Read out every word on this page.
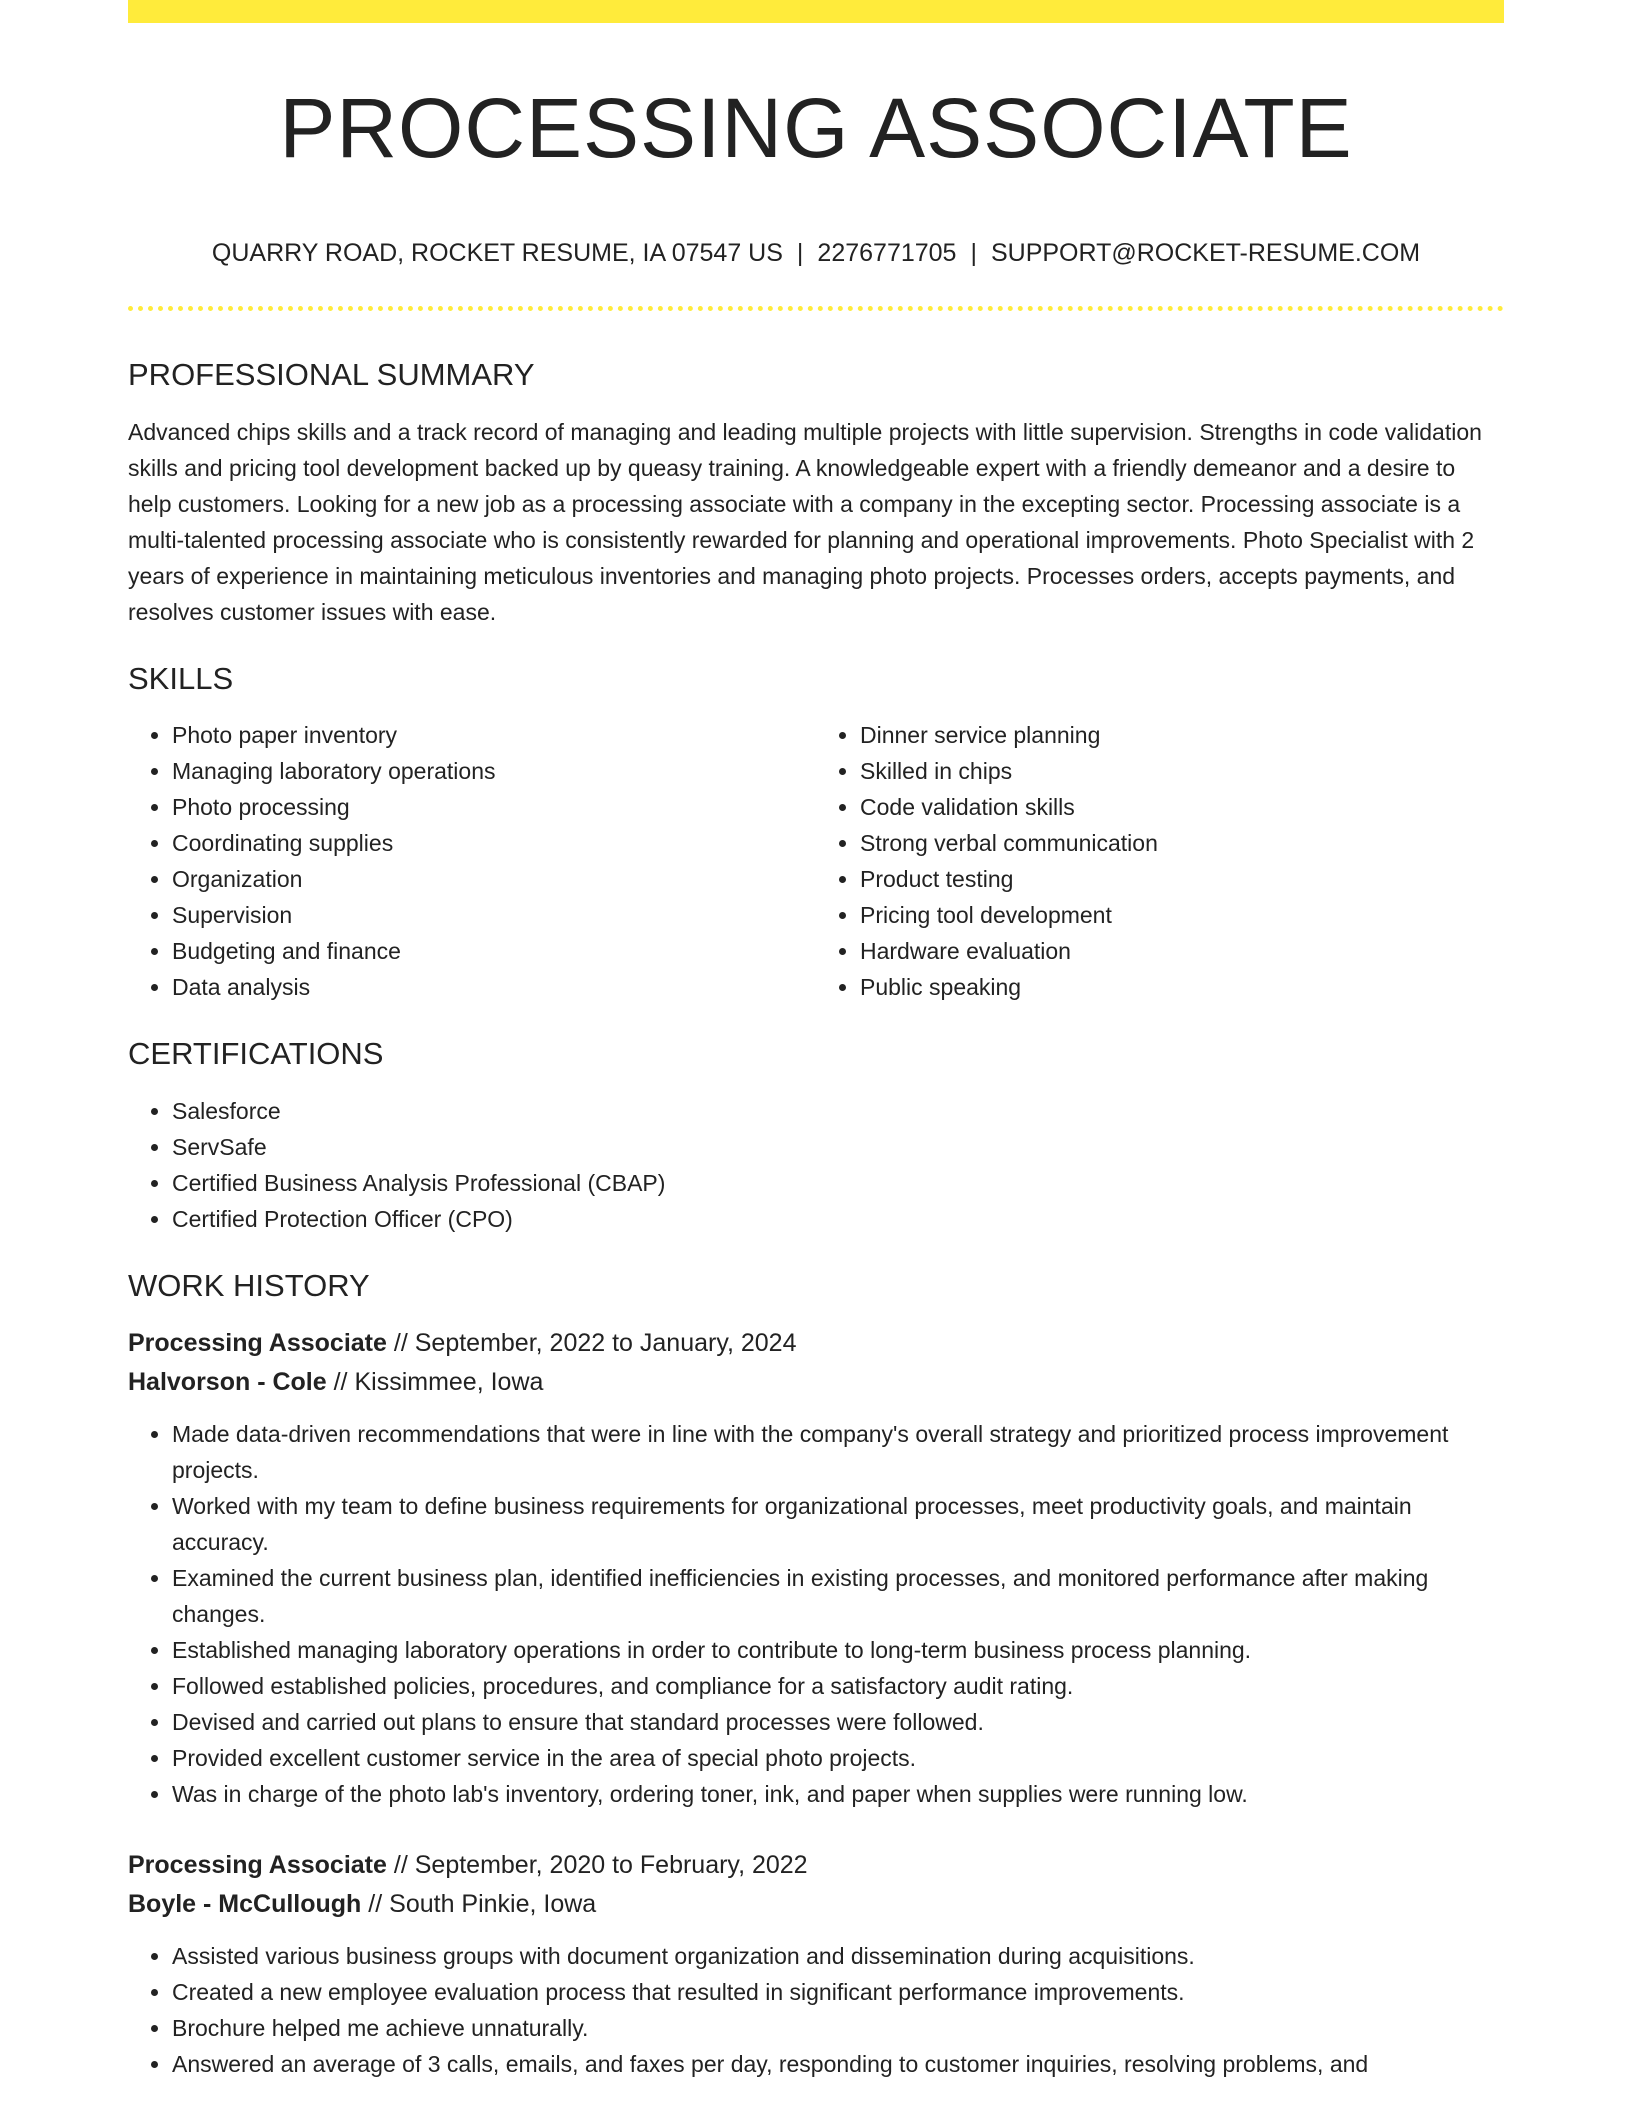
PROCESSING ASSOCIATE
QUARRY ROAD, ROCKET RESUME, IA 07547 US | 2276771705 | SUPPORT@ROCKET-RESUME.COM
PROFESSIONAL SUMMARY

Advanced chips skills and a track record of managing and leading multiple projects with little supervision. Strengths in code validation skills and pricing tool development backed up by queasy training. A knowledgeable expert with a friendly demeanor and a desire to help customers. Looking for a new job as a processing associate with a company in the excepting sector. Processing associate is a multi-talented processing associate who is consistently rewarded for planning and operational improvements. Photo Specialist with 2 years of experience in maintaining meticulous inventories and managing photo projects. Processes orders, accepts payments, and resolves customer issues with ease.

SKILLS
• Photo paper inventory
• Managing laboratory operations
• Photo processing
• Coordinating supplies
• Organization
• Supervision
• Budgeting and finance
• Data analysis
• Dinner service planning
• Skilled in chips
• Code validation skills
• Strong verbal communication
• Product testing
• Pricing tool development
• Hardware evaluation
• Public speaking
CERTIFICATIONS
• Salesforce
• ServSafe
• Certified Business Analysis Professional (CBAP)
• Certified Protection Officer (CPO)
WORK HISTORY
Processing Associate // September, 2022 to January, 2024
Halvorson - Cole // Kissimmee, Iowa
• Made data-driven recommendations that were in line with the company's overall strategy and prioritized process improvement projects.
• Worked with my team to define business requirements for organizational processes, meet productivity goals, and maintain accuracy.
• Examined the current business plan, identified inefficiencies in existing processes, and monitored performance after making changes.
• Established managing laboratory operations in order to contribute to long-term business process planning.
• Followed established policies, procedures, and compliance for a satisfactory audit rating.
• Devised and carried out plans to ensure that standard processes were followed.
• Provided excellent customer service in the area of special photo projects.
• Was in charge of the photo lab's inventory, ordering toner, ink, and paper when supplies were running low.
Processing Associate // September, 2020 to February, 2022
Boyle - McCullough // South Pinkie, Iowa
• Assisted various business groups with document organization and dissemination during acquisitions.
• Created a new employee evaluation process that resulted in significant performance improvements.
• Brochure helped me achieve unnaturally.
• Answered an average of 3 calls, emails, and faxes per day, responding to customer inquiries, resolving problems, and
